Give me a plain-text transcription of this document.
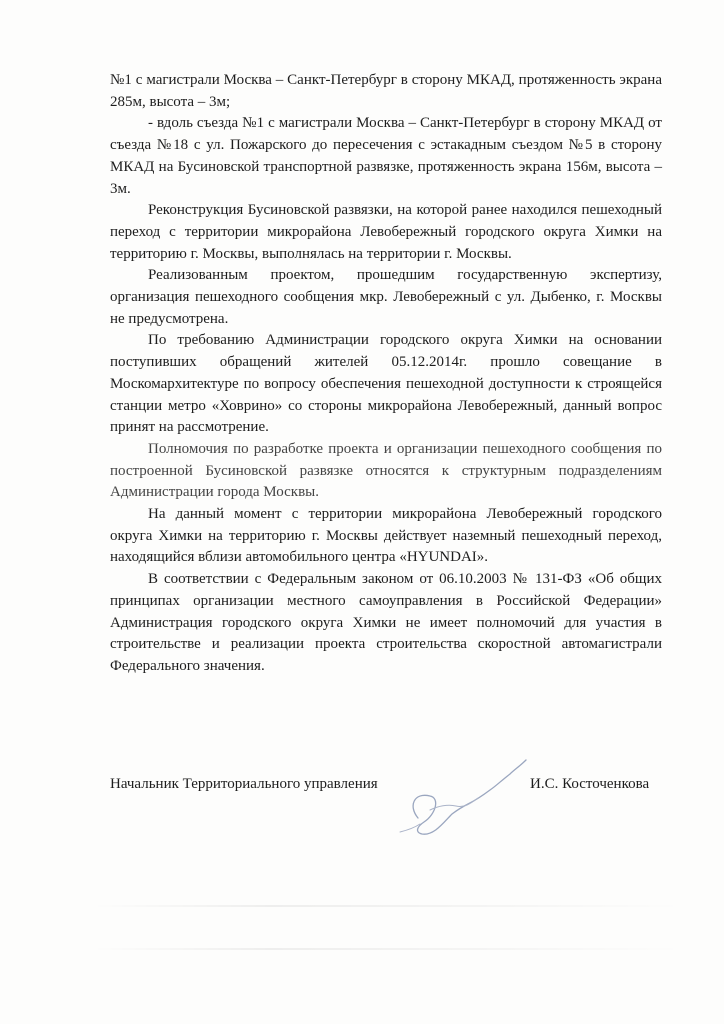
№1 с магистрали Москва – Санкт-Петербург в сторону МКАД, протяженность экрана 285м, высота – 3м;

- вдоль съезда №1 с магистрали Москва – Санкт-Петербург в сторону МКАД от съезда №18 с ул. Пожарского до пересечения с эстакадным съездом №5 в сторону МКАД на Бусиновской транспортной развязке, протяженность экрана 156м, высота – 3м.

Реконструкция Бусиновской развязки, на которой ранее находился пешеходный переход с территории микрорайона Левобережный городского округа Химки на территорию г. Москвы, выполнялась на территории г. Москвы.

Реализованным проектом, прошедшим государственную экспертизу, организация пешеходного сообщения мкр. Левобережный с ул. Дыбенко, г. Москвы не предусмотрена.

По требованию Администрации городского округа Химки на основании поступивших обращений жителей 05.12.2014г. прошло совещание в Москомархитектуре по вопросу обеспечения пешеходной доступности к строящейся станции метро «Ховрино» со стороны микрорайона Левобережный, данный вопрос принят на рассмотрение.

Полномочия по разработке проекта и организации пешеходного сообщения по построенной Бусиновской развязке относятся к структурным подразделениям Администрации города Москвы.

На данный момент с территории микрорайона Левобережный городского округа Химки на территорию г. Москвы действует наземный пешеходный переход, находящийся вблизи автомобильного центра «HYUNDAI».

В соответствии с Федеральным законом от 06.10.2003 № 131-ФЗ «Об общих принципах организации местного самоуправления в Российской Федерации» Администрация городского округа Химки не имеет полномочий для участия в строительстве и реализации проекта строительства скоростной автомагистрали Федерального значения.

Начальник Территориального управления	И.С. Косточенкова
